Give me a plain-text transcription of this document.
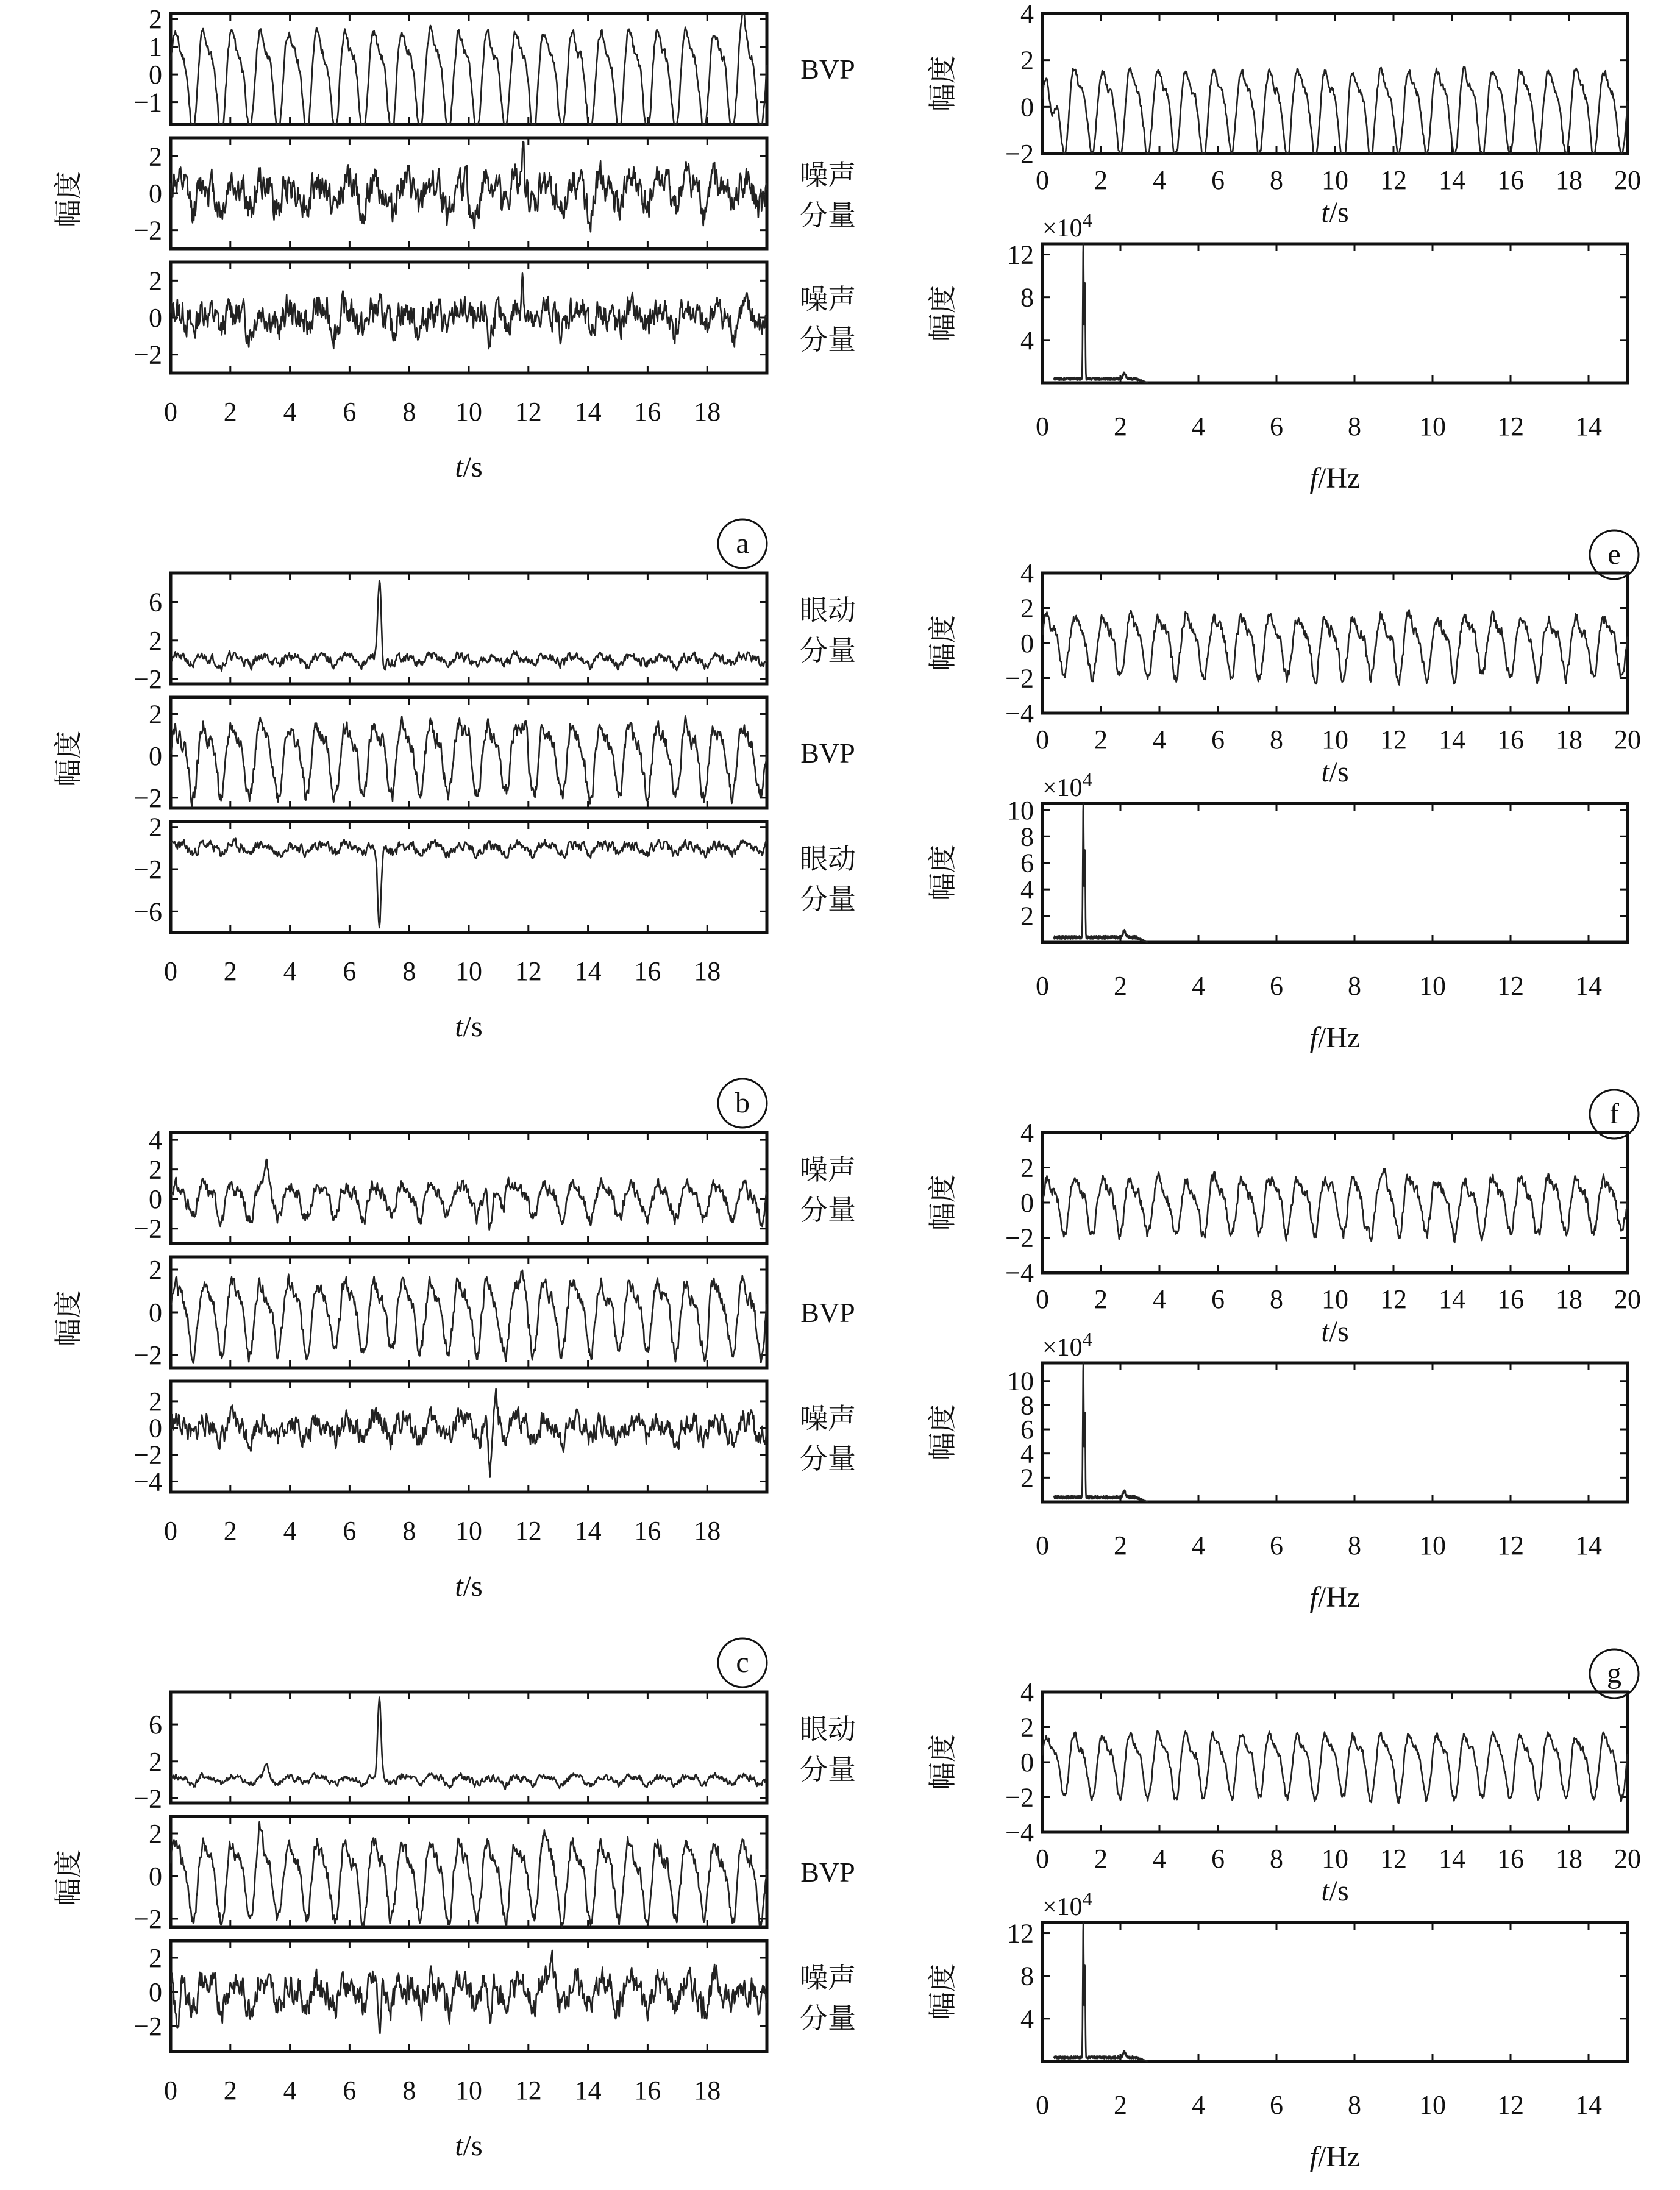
2
1
0
−1
BVP
2
0
−2
噪声
分量
2
0
−2
噪声
分量
0 2 4 6 8 10 12 14 16 18
t/s
幅度
a
6
2
−2
眼动
分量
2
0
−2
BVP
2
−2
−6
眼动
分量
0 2 4 6 8 10 12 14 16 18
t/s
幅度
b
4
2
0
−2
噪声
分量
2
0
−2
BVP
2
0
−2
−4
噪声
分量
0 2 4 6 8 10 12 14 16 18
t/s
幅度
c
6
2
−2
眼动
分量
2
0
−2
BVP
2
0
−2
噪声
分量
0 2 4 6 8 10 12 14 16 18
t/s
幅度
4
2
0
−2
0 2 4 6 8 10 12 14 16 18 20
t/s
幅度
12
8
4
$\times 10^4$
0 2 4 6 8 10 12 14
f/Hz
幅度
e
4
2
0
−2
−4
0 2 4 6 8 10 12 14 16 18 20
t/s
幅度
10
8
6
4
2
$\times 10^4$
0 2 4 6 8 10 12 14
f/Hz
幅度
f
4
2
0
−2
−4
0 2 4 6 8 10 12 14 16 18 20
t/s
幅度
10
8
6
4
2
$\times 10^4$
0 2 4 6 8 10 12 14
f/Hz
幅度
g
4
2
0
−2
−4
0 2 4 6 8 10 12 14 16 18 20
t/s
幅度
12
8
4
$\times 10^4$
0 2 4 6 8 10 12 14
f/Hz
幅度
